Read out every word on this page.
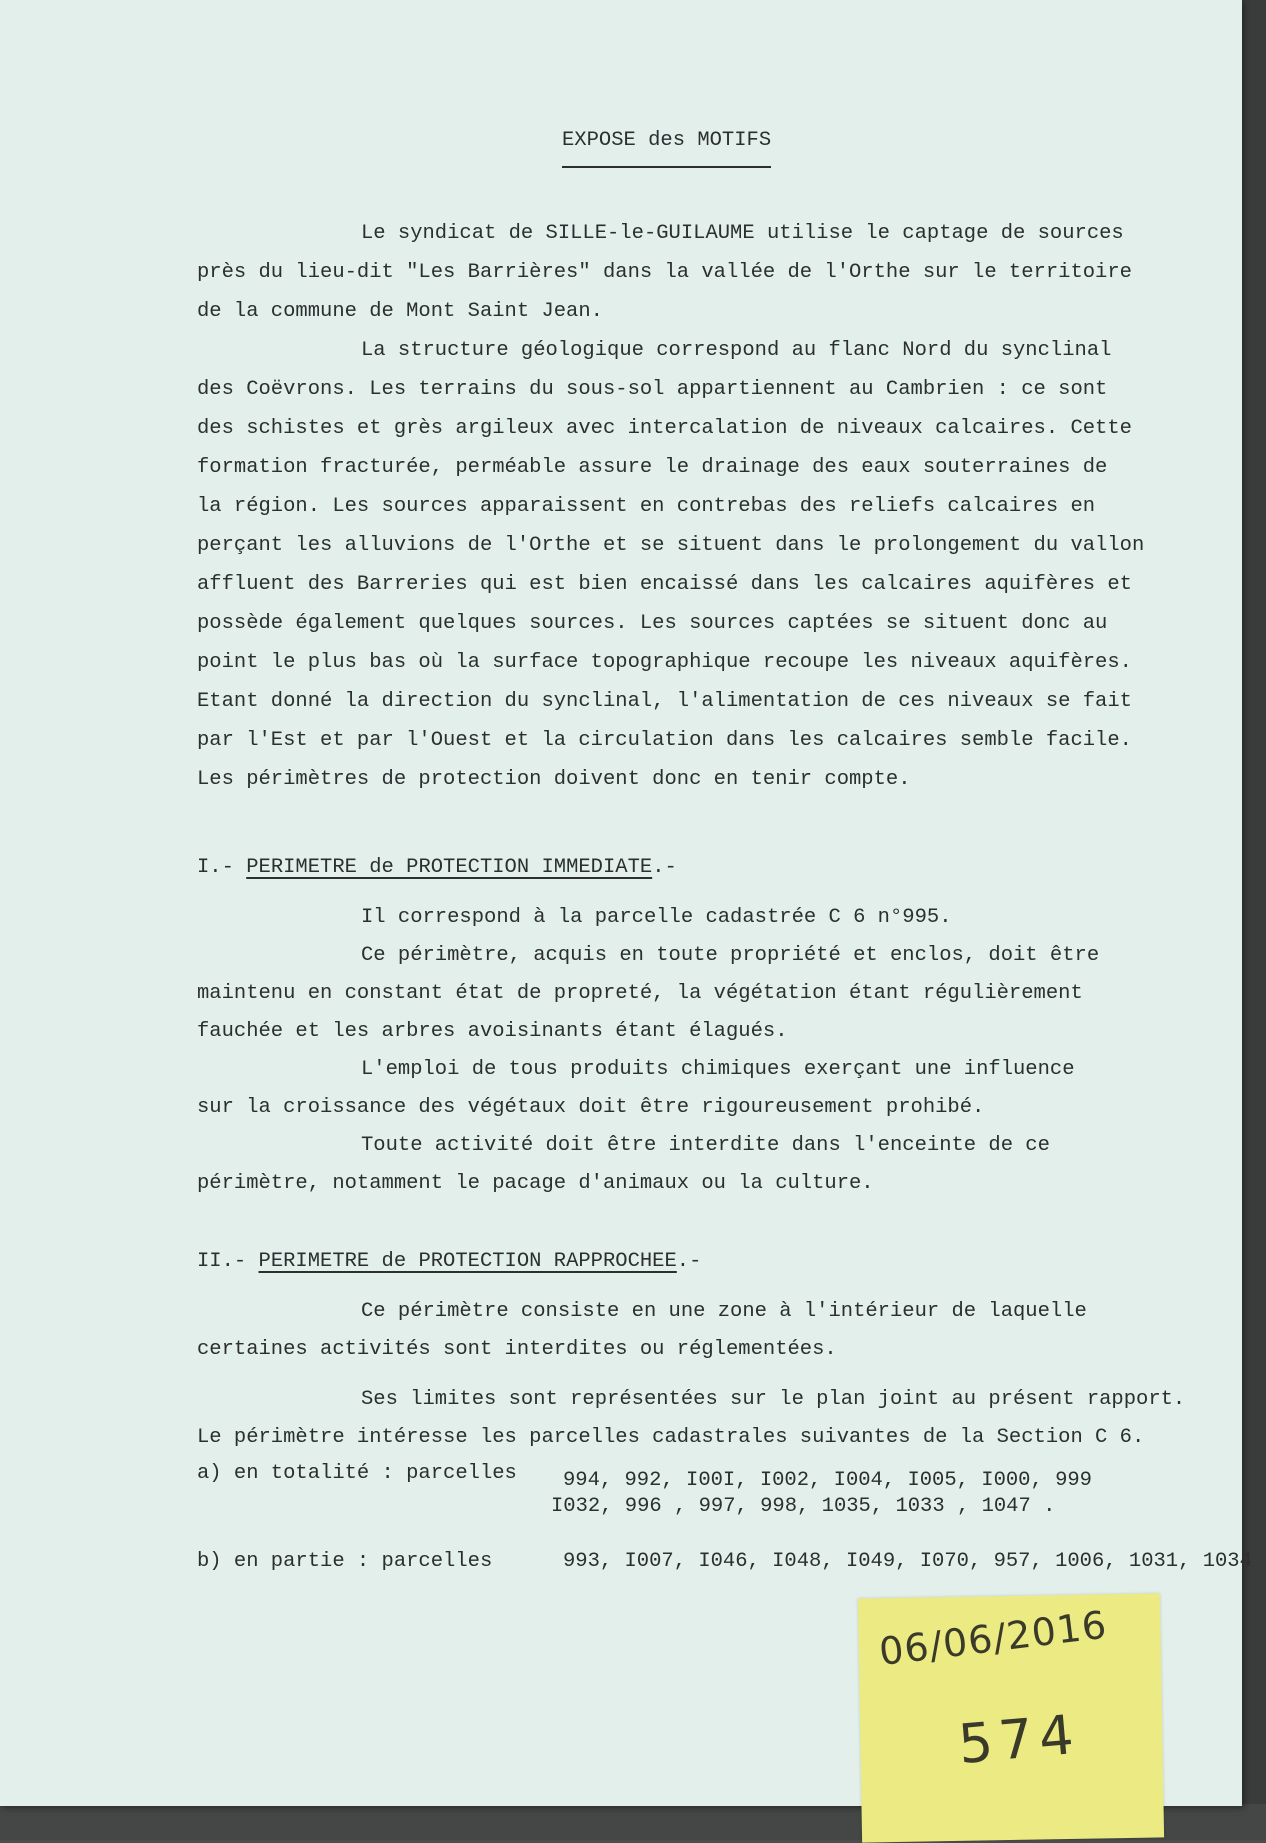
EXPOSE des MOTIFS
Le syndicat de SILLE-le-GUILAUME utilise le captage de sources
près du lieu-dit "Les Barrières" dans la vallée de l'Orthe sur le territoire
de la commune de Mont Saint Jean.
La structure géologique correspond au flanc Nord du synclinal
des Coëvrons. Les terrains du sous-sol appartiennent au Cambrien : ce sont
des schistes et grès argileux avec intercalation de niveaux calcaires. Cette
formation fracturée, perméable assure le drainage des eaux souterraines de
la région. Les sources apparaissent en contrebas des reliefs calcaires en
perçant les alluvions de l'Orthe et se situent dans le prolongement du vallon
affluent des Barreries qui est bien encaissé dans les calcaires aquifères et
possède également quelques sources. Les sources captées se situent donc au
point le plus bas où la surface topographique recoupe les niveaux aquifères.
Etant donné la direction du synclinal, l'alimentation de ces niveaux se fait
par l'Est et par l'Ouest et la circulation dans les calcaires semble facile.
Les périmètres de protection doivent donc en tenir compte.
I.- PERIMETRE de PROTECTION IMMEDIATE.-
Il correspond à la parcelle cadastrée C 6 n°995.
Ce périmètre, acquis en toute propriété et enclos, doit être
maintenu en constant état de propreté, la végétation étant régulièrement
fauchée et les arbres avoisinants étant élagués.
L'emploi de tous produits chimiques exerçant une influence
sur la croissance des végétaux doit être rigoureusement prohibé.
Toute activité doit être interdite dans l'enceinte de ce
périmètre, notamment le pacage d'animaux ou la culture.
II.- PERIMETRE de PROTECTION RAPPROCHEE.-
Ce périmètre consiste en une zone à l'intérieur de laquelle
certaines activités sont interdites ou réglementées.
Ses limites sont représentées sur le plan joint au présent rapport.
Le périmètre intéresse les parcelles cadastrales suivantes de la Section C 6.
a) en totalité : parcelles 994, 992, I00I, I002, I004, I005, I000, 999
I032, 996 , 997, 998, 1035, 1033 , 1047 .
b) en partie : parcelles	993, I007, I046, I048, I049, I070, 957, 1006, 1031, 1034
06/06/2016
574
